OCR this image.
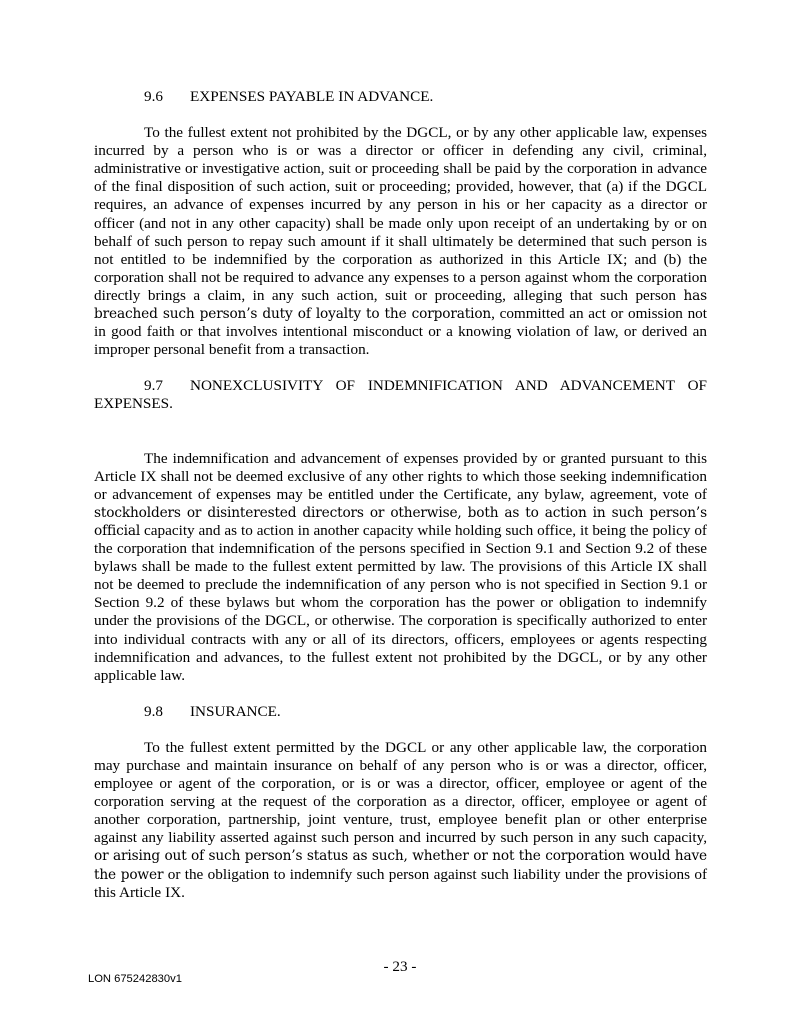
9.6 EXPENSES PAYABLE IN ADVANCE.

To the fullest extent not prohibited by the DGCL, or by any other applicable law, expenses incurred by a person who is or was a director or officer in defending any civil, criminal, administrative or investigative action, suit or proceeding shall be paid by the corporation in advance of the final disposition of such action, suit or proceeding; provided, however, that (a) if the DGCL requires, an advance of expenses incurred by any person in his or her capacity as a director or officer (and not in any other capacity) shall be made only upon receipt of an undertaking by or on behalf of such person to repay such amount if it shall ultimately be determined that such person is not entitled to be indemnified by the corporation as authorized in this Article IX; and (b) the corporation shall not be required to advance any expenses to a person against whom the corporation directly brings a claim, in any such action, suit or proceeding, alleging that such person has breached such person’s duty of loyalty to the corporation, committed an act or omission not in good faith or that involves intentional misconduct or a knowing violation of law, or derived an improper personal benefit from a transaction.

9.7 NONEXCLUSIVITY OF INDEMNIFICATION AND ADVANCEMENT OF EXPENSES.

The indemnification and advancement of expenses provided by or granted pursuant to this Article IX shall not be deemed exclusive of any other rights to which those seeking indemnification or advancement of expenses may be entitled under the Certificate, any bylaw, agreement, vote of stockholders or disinterested directors or otherwise, both as to action in such person’s official capacity and as to action in another capacity while holding such office, it being the policy of the corporation that indemnification of the persons specified in Section 9.1 and Section 9.2 of these bylaws shall be made to the fullest extent permitted by law. The provisions of this Article IX shall not be deemed to preclude the indemnification of any person who is not specified in Section 9.1 or Section 9.2 of these bylaws but whom the corporation has the power or obligation to indemnify under the provisions of the DGCL, or otherwise. The corporation is specifically authorized to enter into individual contracts with any or all of its directors, officers, employees or agents respecting indemnification and advances, to the fullest extent not prohibited by the DGCL, or by any other applicable law.

9.8 INSURANCE.

To the fullest extent permitted by the DGCL or any other applicable law, the corporation may purchase and maintain insurance on behalf of any person who is or was a director, officer, employee or agent of the corporation, or is or was a director, officer, employee or agent of the corporation serving at the request of the corporation as a director, officer, employee or agent of another corporation, partnership, joint venture, trust, employee benefit plan or other enterprise against any liability asserted against such person and incurred by such person in any such capacity, or arising out of such person’s status as such, whether or not the corporation would have the power or the obligation to indemnify such person against such liability under the provisions of this Article IX.

- 23 -
LON 675242830v1
